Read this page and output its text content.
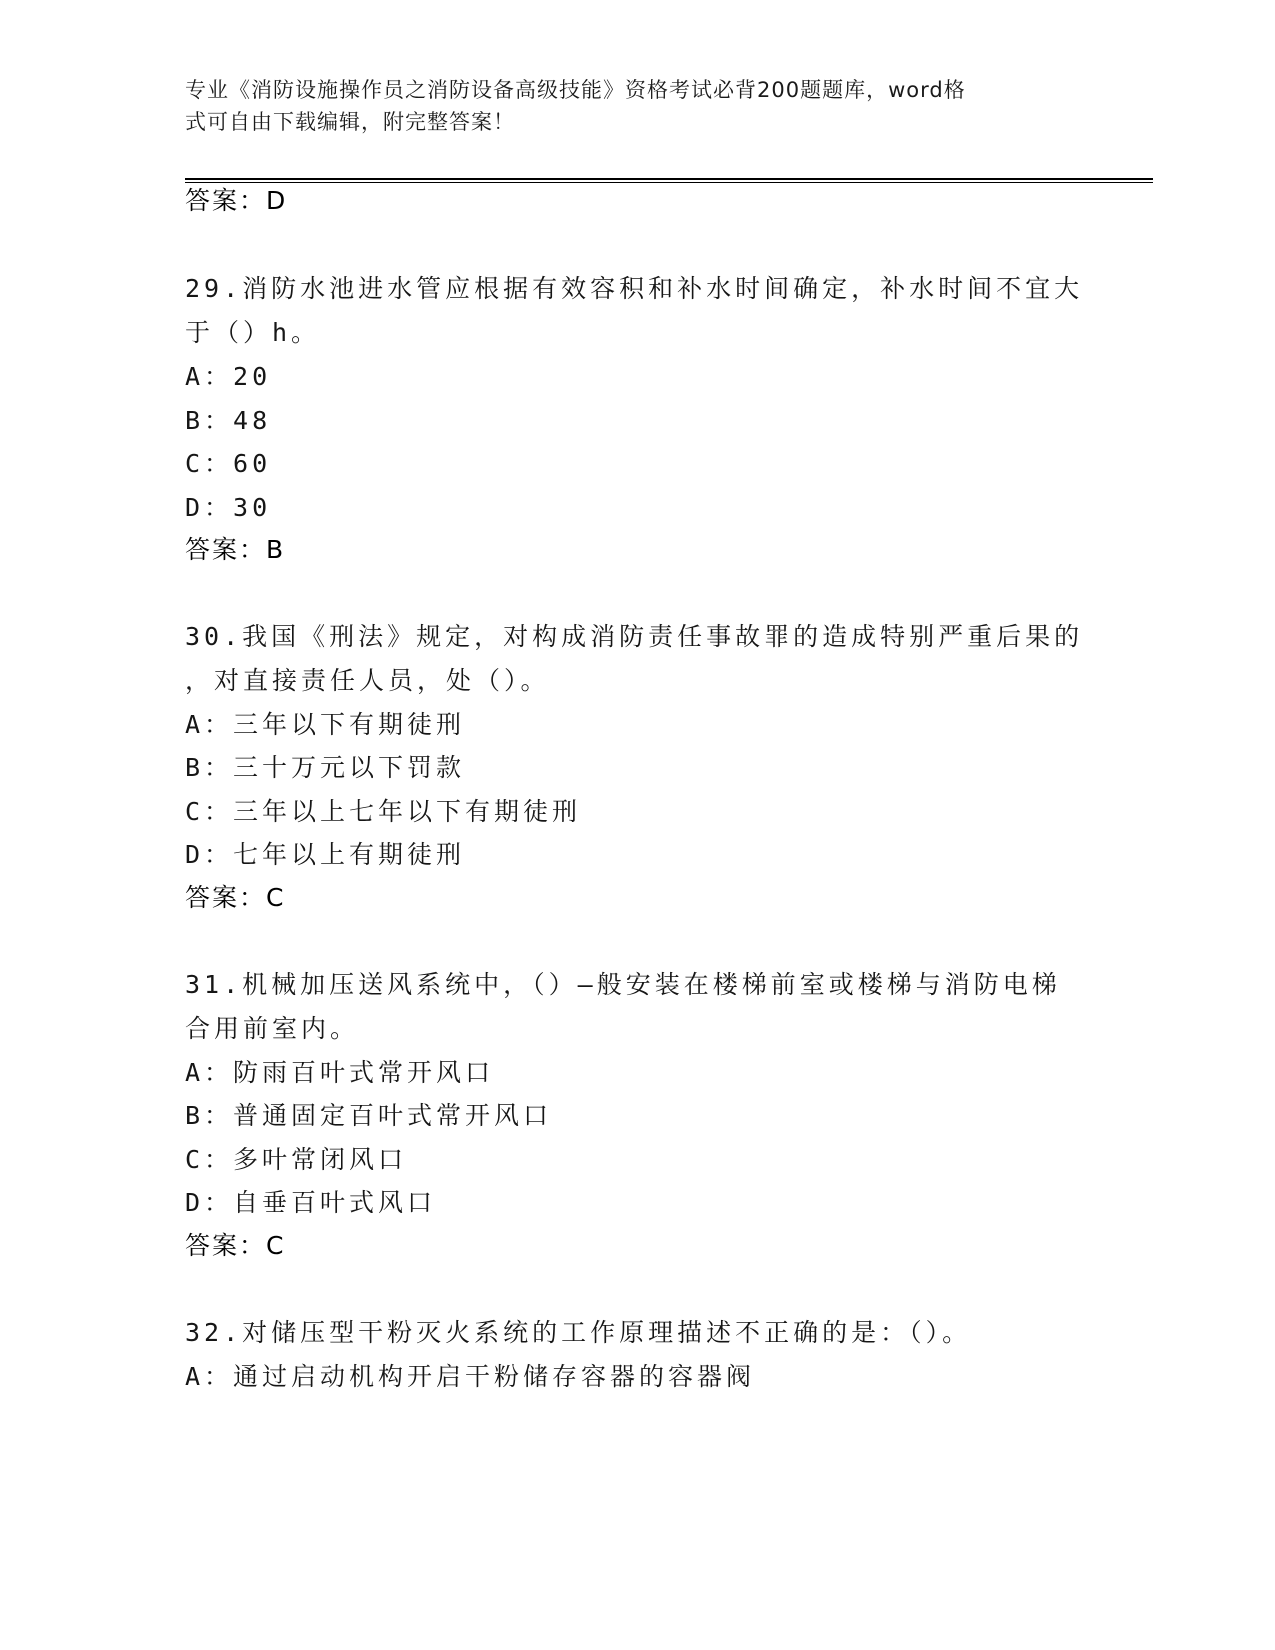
专业《消防设施操作员之消防设备高级技能》资格考试必背200题题库，word格
式可自由下载编辑，附完整答案！
答案：D
29.消防水池进水管应根据有效容积和补水时间确定，补水时间不宜大
于（）h。
A：20
B：48
C：60
D：30
答案：B
30.我国《刑法》规定，对构成消防责任事故罪的造成特别严重后果的
，对直接责任人员，处（）。
A：三年以下有期徒刑
B：三十万元以下罚款
C：三年以上七年以下有期徒刑
D：七年以上有期徒刑
答案：C
31.机械加压送风系统中，（）—般安装在楼梯前室或楼梯与消防电梯
合用前室内。
A：防雨百叶式常开风口
B：普通固定百叶式常开风口
C：多叶常闭风口
D：自垂百叶式风口
答案：C
32.对储压型干粉灭火系统的工作原理描述不正确的是：（）。
A：通过启动机构开启干粉储存容器的容器阀
